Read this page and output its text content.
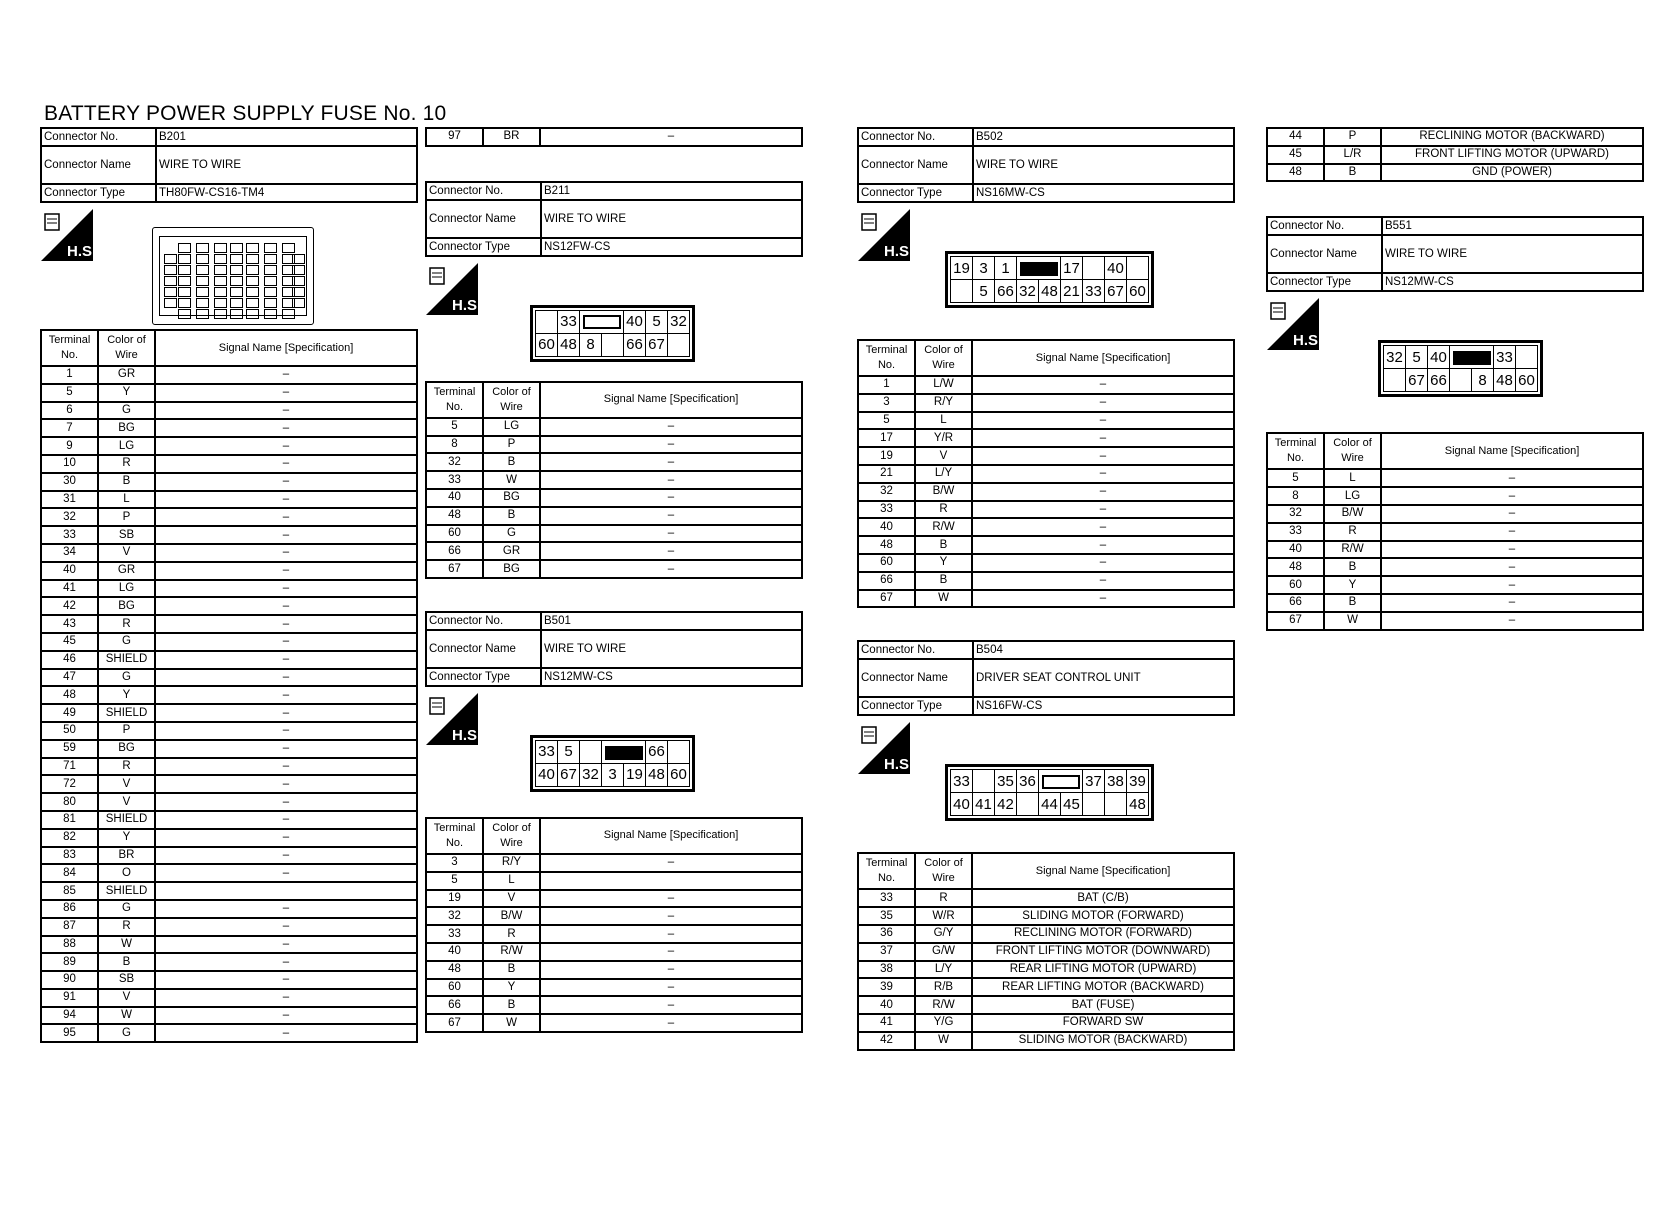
BATTERY POWER SUPPLY FUSE No. 10
Connector No.	B201
Connector Name	WIRE TO WIRE
Connector Type	TH80FW-CS16-TM4
H.S.
Terminal No.	Color of Wire	Signal Name [Specification]
1	GR	–
5	Y	–
6	G	–
7	BG	–
9	LG	–
10	R	–
30	B	–
31	L	–
32	P	–
33	SB	–
34	V	–
40	GR	–
41	LG	–
42	BG	–
43	R	–
45	G	–
46	SHIELD	–
47	G	–
48	Y	–
49	SHIELD	–
50	P	–
59	BG	–
71	R	–
72	V	–
80	V	–
81	SHIELD	–
82	Y	–
83	BR	–
84	O	–
85	SHIELD	
86	G	–
87	R	–
88	W	–
89	B	–
90	SB	–
91	V	–
94	W	–
95	G	–
97	BR	–
Connector No.	B211
Connector Name	WIRE TO WIRE
Connector Type	NS12FW-CS
H.S.
	33			40	5	32
60	48	8		66	67	
Terminal No.	Color of Wire	Signal Name [Specification]
5	LG	–
8	P	–
32	B	–
33	W	–
40	BG	–
48	B	–
60	G	–
66	GR	–
67	BG	–
Connector No.	B501
Connector Name	WIRE TO WIRE
Connector Type	NS12MW-CS
H.S.
33	5				66	
40	67	32	3	19	48	60
Terminal No.	Color of Wire	Signal Name [Specification]
3	R/Y	–
5	L	
19	V	–
32	B/W	–
33	R	–
40	R/W	–
48	B	–
60	Y	–
66	B	–
67	W	–
Connector No.	B502
Connector Name	WIRE TO WIRE
Connector Type	NS16MW-CS
H.S.
19	3	1			17		40	
	5	66	32	48	21	33	67	60
Terminal No.	Color of Wire	Signal Name [Specification]
1	L/W	–
3	R/Y	–
5	L	–
17	Y/R	–
19	V	–
21	L/Y	–
32	B/W	–
33	R	–
40	R/W	–
48	B	–
60	Y	–
66	B	–
67	W	–
Connector No.	B504
Connector Name	DRIVER SEAT CONTROL UNIT
Connector Type	NS16FW-CS
H.S.
33		35	36			37	38	39
40	41	42		44	45			48
Terminal No.	Color of Wire	Signal Name [Specification]
33	R	BAT (C/B)
35	W/R	SLIDING MOTOR (FORWARD)
36	G/Y	RECLINING MOTOR (FORWARD)
37	G/W	FRONT LIFTING MOTOR (DOWNWARD)
38	L/Y	REAR LIFTING MOTOR (UPWARD)
39	R/B	REAR LIFTING MOTOR (BACKWARD)
40	R/W	BAT (FUSE)
41	Y/G	FORWARD SW
42	W	SLIDING MOTOR (BACKWARD)
44	P	RECLINING MOTOR (BACKWARD)
45	L/R	FRONT LIFTING MOTOR (UPWARD)
48	B	GND (POWER)
Connector No.	B551
Connector Name	WIRE TO WIRE
Connector Type	NS12MW-CS
H.S.
32	5	40			33	
	67	66		8	48	60
Terminal No.	Color of Wire	Signal Name [Specification]
5	L	–
8	LG	–
32	B/W	–
33	R	–
40	R/W	–
48	B	–
60	Y	–
66	B	–
67	W	–
